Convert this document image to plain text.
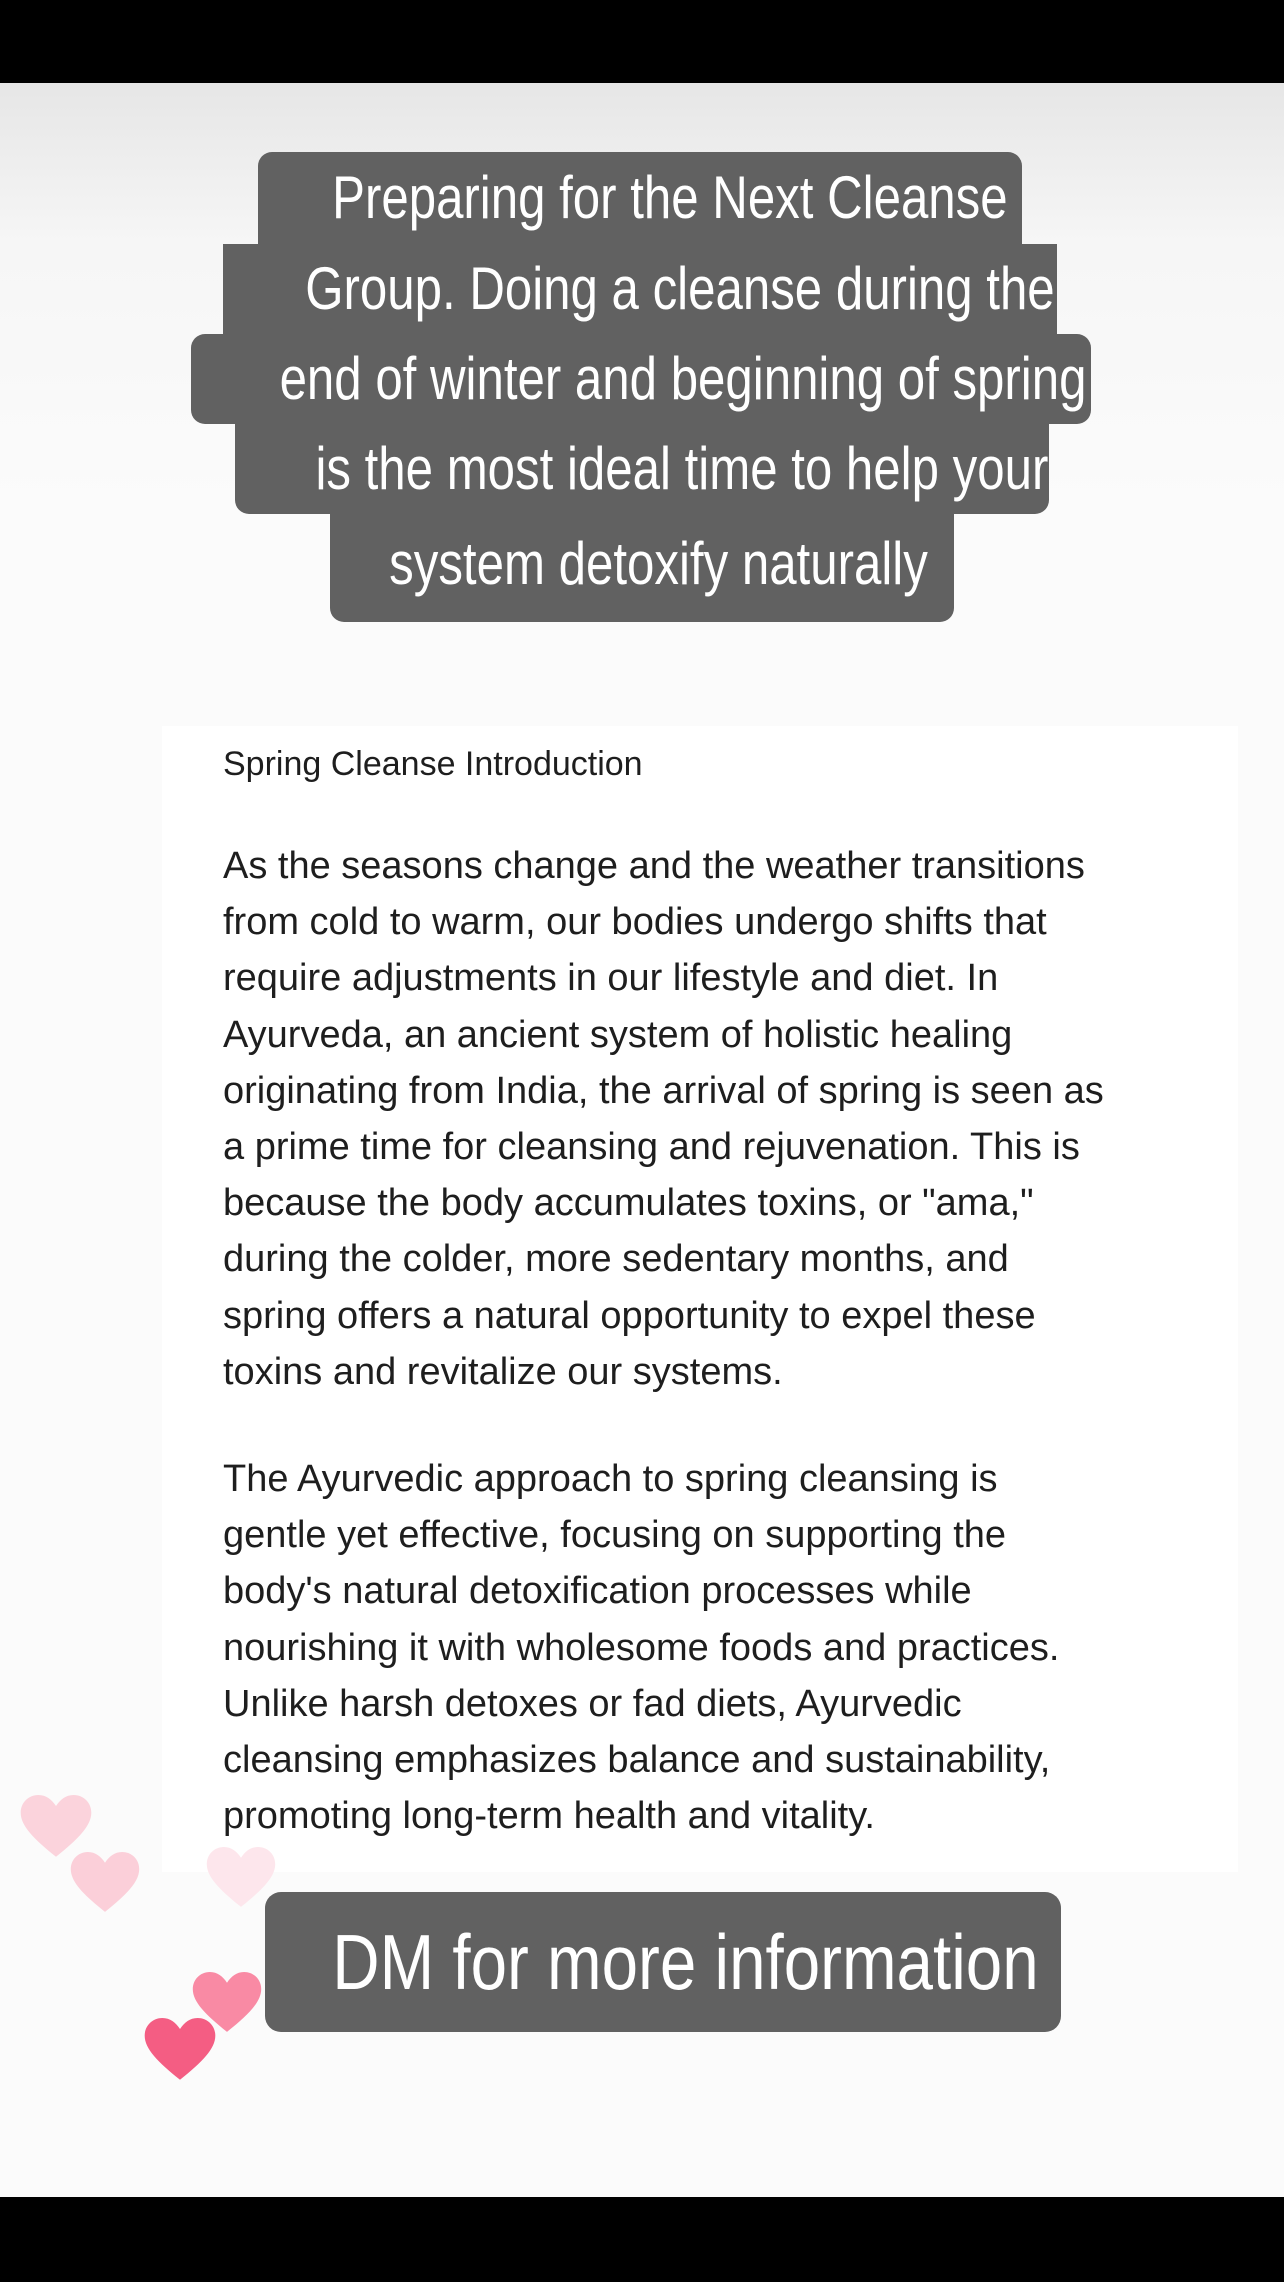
Preparing for the Next Cleanse
Group. Doing a cleanse during the
end of winter and beginning of spring
is the most ideal time to help your
system detoxify naturally
Spring Cleanse Introduction
As the seasons change and the weather transitions
from cold to warm, our bodies undergo shifts that
require adjustments in our lifestyle and diet. In
Ayurveda, an ancient system of holistic healing
originating from India, the arrival of spring is seen as
a prime time for cleansing and rejuvenation. This is
because the body accumulates toxins, or "ama,"
during the colder, more sedentary months, and
spring offers a natural opportunity to expel these
toxins and revitalize our systems.
The Ayurvedic approach to spring cleansing is
gentle yet effective, focusing on supporting the
body's natural detoxification processes while
nourishing it with wholesome foods and practices.
Unlike harsh detoxes or fad diets, Ayurvedic
cleansing emphasizes balance and sustainability,
promoting long-term health and vitality.
DM for more information
